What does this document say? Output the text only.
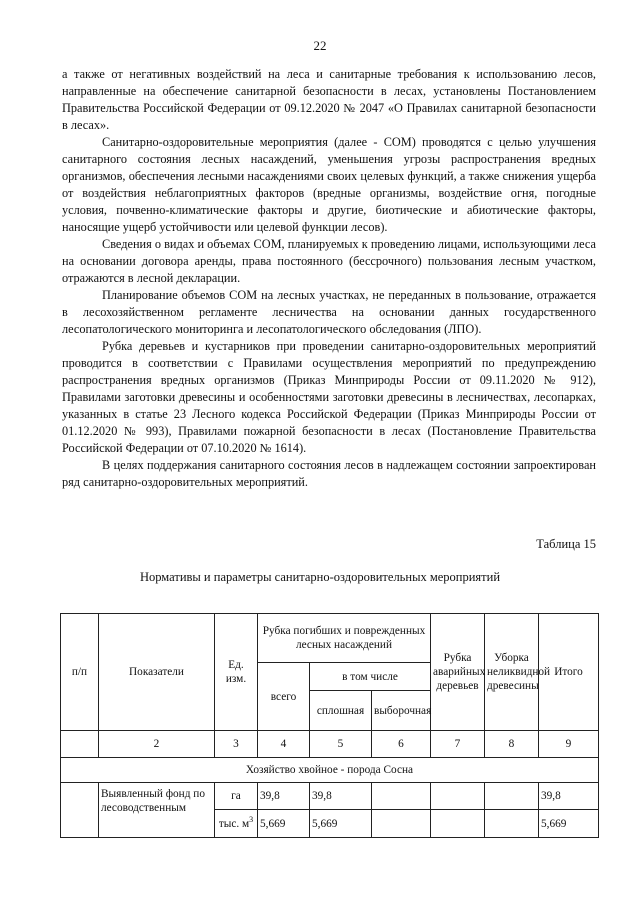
22

а также от негативных воздействий на леса и санитарные требования к использованию лесов, направленные на обеспечение санитарной безопасности в лесах, установлены Постановлением Правительства Российской Федерации от 09.12.2020 № 2047 «О Правилах санитарной безопасности в лесах».

Санитарно-оздоровительные мероприятия (далее - СОМ) проводятся с целью улучшения санитарного состояния лесных насаждений, уменьшения угрозы распространения вредных организмов, обеспечения лесными насаждениями своих целевых функций, а также снижения ущерба от воздействия неблагоприятных факторов (вредные организмы, воздействие огня, погодные условия, почвенно-климатические факторы и другие, биотические и абиотические факторы, наносящие ущерб устойчивости или целевой функции лесов).

Сведения о видах и объемах СОМ, планируемых к проведению лицами, использующими леса на основании договора аренды, права постоянного (бессрочного) пользования лесным участком, отражаются в лесной декларации.

Планирование объемов СОМ на лесных участках, не переданных в пользование, отражается в лесохозяйственном регламенте лесничества на основании данных государственного лесопатологического мониторинга и лесопатологического обследования (ЛПО).

Рубка деревьев и кустарников при проведении санитарно-оздоровительных мероприятий проводится в соответствии с Правилами осуществления мероприятий по предупреждению распространения вредных организмов (Приказ Минприроды России от 09.11.2020 № 912), Правилами заготовки древесины и особенностями заготовки древесины в лесничествах, лесопарках, указанных в статье 23 Лесного кодекса Российской Федерации (Приказ Минприроды России от 01.12.2020 № 993), Правилами пожарной безопасности в лесах (Постановление Правительства Российской Федерации от 07.10.2020 № 1614).

В целях поддержания санитарного состояния лесов в надлежащем состоянии запроектирован ряд санитарно-оздоровительных мероприятий.

Таблица 15
Нормативы и параметры санитарно-оздоровительных мероприятий
п/п	Показатели	Ед. изм.	Рубка погибших и поврежденных лесных насаждений			Рубка аварийных деревьев	Уборка неликвидной древесины	Итого
			всего	в том числе				
				сплошная	выборочная			
	2	3	4	5	6	7	8	9
Хозяйство хвойное - порода Сосна								
	Выявленный фонд по лесоводственным	га	39,8	39,8				39,8
		тыс. $м^3$	5,669	5,669				5,669
